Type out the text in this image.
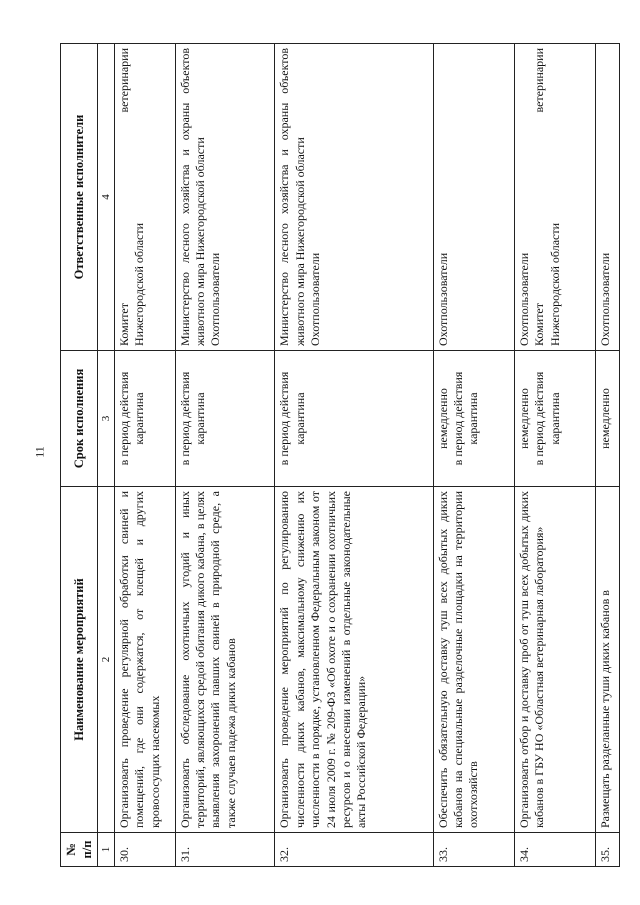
11
№ п/п	Наименование мероприятий	Срок исполнения	Ответственные исполнители
1	2	3	4
30.	Организовать проведение регулярной обработки свиней и помещений, где они содержатся, от клещей и других кровососущих насекомых	в период действия карантина	Комитет
ветеринарии
Нижегородской области

31.	Организовать обследование охотничьих угодий и иных территорий, являющихся средой обитания дикого кабана, в целях выявления захоронений павших свиней в природной среде, а также случаев падежа диких кабанов	в период действия карантина	Министерство лесного хозяйства и охраны объектов животного мира Нижегородской области Охотпользователи

32.	Организовать проведение мероприятий по регулированию численности диких кабанов, максимальному снижению их численности в порядке, установленном Федеральным законом от 24 июля 2009 г. № 209-ФЗ «Об охоте и о сохранении охотничьих ресурсов и о внесении изменений в отдельные законодательные акты Российской Федерации»	в период действия карантина	Министерство лесного хозяйства и охраны объектов животного мира Нижегородской области Охотпользователи

33.	Обеспечить обязательную доставку туш всех добытых диких кабанов на специальные разделочные площадки на территории охотхозяйств	немедленно в период действия карантина	Охотпользователи

34.	Организовать отбор и доставку проб от туш всех добытых диких кабанов в ГБУ НО «Областная ветеринарная лаборатория»	немедленно в период действия карантина	Охотпользователи Комитет
ветеринарии
Нижегородской области

35.	Размещать разделанные туши диких кабанов в	немедленно	Охотпользователи
